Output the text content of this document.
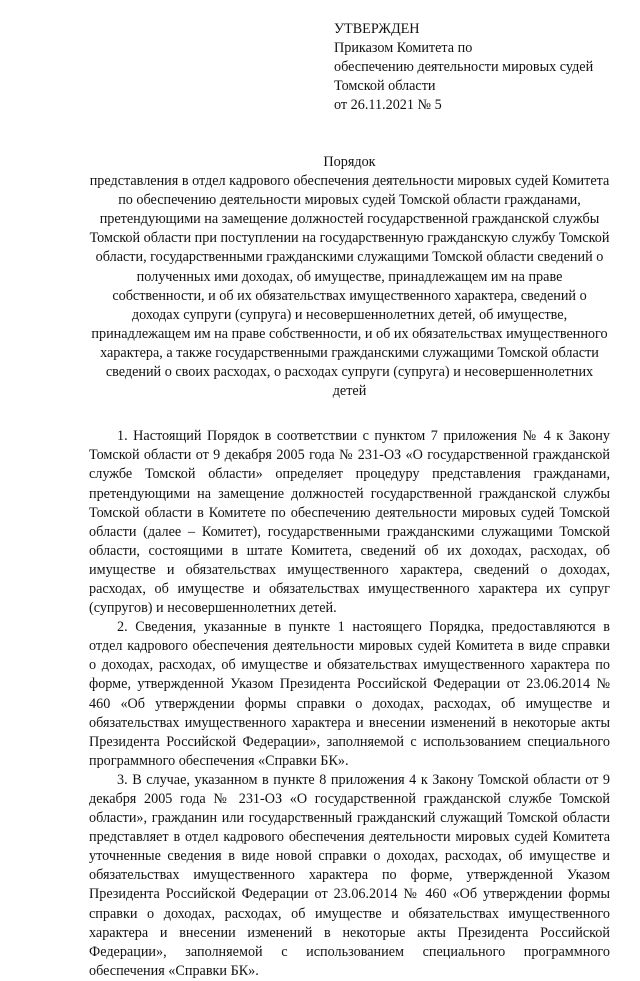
УТВЕРЖДЕН
Приказом Комитета по
обеспечению деятельности мировых судей
Томской области
от 26.11.2021 № 5
Порядок

представления в отдел кадрового обеспечения деятельности мировых судей Комитета по обеспечению деятельности мировых судей Томской области гражданами, претендующими на замещение должностей государственной гражданской службы Томской области при поступлении на государственную гражданскую службу Томской области, государственными гражданскими служащими Томской области сведений о полученных ими доходах, об имуществе, принадлежащем им на праве собственности, и об их обязательствах имущественного характера, сведений о доходах супруги (супруга) и несовершеннолетних детей, об имуществе, принадлежащем им на праве собственности, и об их обязательствах имущественного характера, а также государственными гражданскими служащими Томской области сведений о своих расходах, о расходах супруги (супруга) и несовершеннолетних детей

1. Настоящий Порядок в соответствии с пунктом 7 приложения № 4 к Закону Томской области от 9 декабря 2005 года № 231-ОЗ «О государственной гражданской службе Томской области» определяет процедуру представления гражданами, претендующими на замещение должностей государственной гражданской службы Томской области в Комитете по обеспечению деятельности мировых судей Томской области (далее – Комитет), государственными гражданскими служащими Томской области, состоящими в штате Комитета, сведений об их доходах, расходах, об имуществе и обязательствах имущественного характера, сведений о доходах, расходах, об имуществе и обязательствах имущественного характера их супруг (супругов) и несовершеннолетних детей.

2. Сведения, указанные в пункте 1 настоящего Порядка, предоставляются в отдел кадрового обеспечения деятельности мировых судей Комитета в виде справки о доходах, расходах, об имуществе и обязательствах имущественного характера по форме, утвержденной Указом Президента Российской Федерации от 23.06.2014 № 460 «Об утверждении формы справки о доходах, расходах, об имуществе и обязательствах имущественного характера и внесении изменений в некоторые акты Президента Российской Федерации», заполняемой с использованием специального программного обеспечения «Справки БК».

3. В случае, указанном в пункте 8 приложения 4 к Закону Томской области от 9 декабря 2005 года № 231-ОЗ «О государственной гражданской службе Томской области», гражданин или государственный гражданский служащий Томской области представляет в отдел кадрового обеспечения деятельности мировых судей Комитета уточненные сведения в виде новой справки о доходах, расходах, об имуществе и обязательствах имущественного характера по форме, утвержденной Указом Президента Российской Федерации от 23.06.2014 № 460 «Об утверждении формы справки о доходах, расходах, об имуществе и обязательствах имущественного характера и внесении изменений в некоторые акты Президента Российской Федерации», заполняемой с использованием специального программного обеспечения «Справки БК».
